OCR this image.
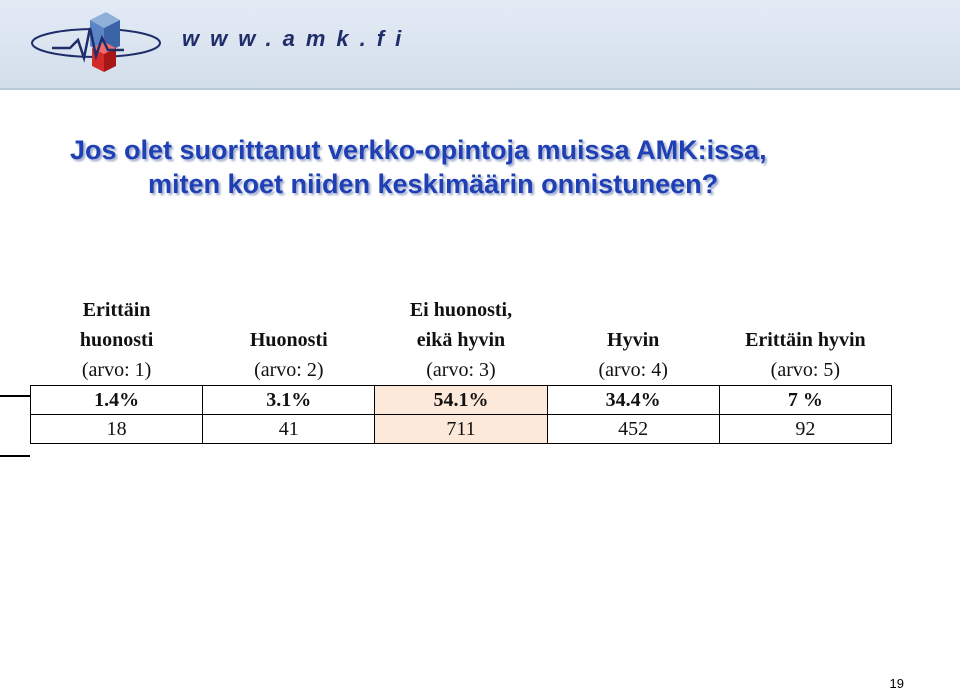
www.amk.fi
Jos olet suorittanut verkko-opintoja muissa AMK:issa,
miten koet niiden keskimäärin onnistuneen?
Erittäin		Ei huonosti,		
huonosti	Huonosti	eikä hyvin	Hyvin	Erittäin hyvin
(arvo: 1)	(arvo: 2)	(arvo: 3)	(arvo: 4)	(arvo: 5)
1.4%	3.1%	54.1%	34.4%	7 %
18	41	711	452	92
19
